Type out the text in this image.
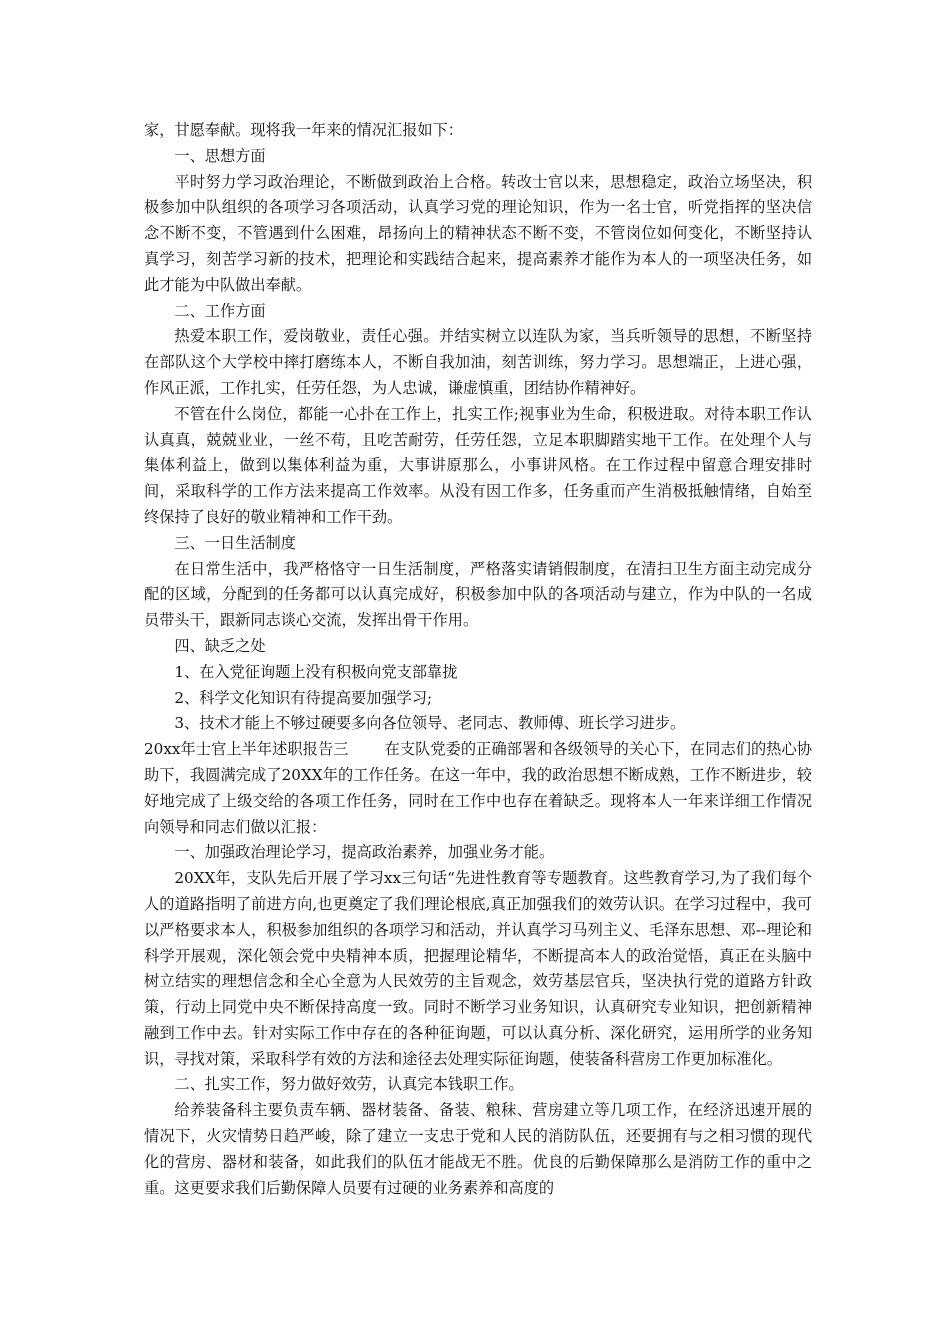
家，甘愿奉献。现将我一年来的情况汇报如下：

一、思想方面

平时努力学习政治理论，不断做到政治上合格。转改士官以来，思想稳定，政治立场坚决，积极参加中队组织的各项学习各项活动，认真学习党的理论知识，作为一名士官，听党指挥的坚决信念不断不变，不管遇到什么困难，昂扬向上的精神状态不断不变，不管岗位如何变化，不断坚持认真学习，刻苦学习新的技术，把理论和实践结合起来，提高素养才能作为本人的一项坚决任务，如此才能为中队做出奉献。

二、工作方面

热爱本职工作，爱岗敬业，责任心强。并结实树立以连队为家，当兵听领导的思想，不断坚持在部队这个大学校中摔打磨练本人，不断自我加油，刻苦训练，努力学习。思想端正，上进心强，作风正派，工作扎实，任劳任怨，为人忠诚，谦虚慎重，团结协作精神好。

不管在什么岗位，都能一心扑在工作上，扎实工作;视事业为生命，积极进取。对待本职工作认认真真，兢兢业业，一丝不苟，且吃苦耐劳，任劳任怨，立足本职脚踏实地干工作。在处理个人与集体利益上，做到以集体利益为重，大事讲原那么，小事讲风格。在工作过程中留意合理安排时间，采取科学的工作方法来提高工作效率。从没有因工作多，任务重而产生消极抵触情绪，自始至终保持了良好的敬业精神和工作干劲。

三、一日生活制度

在日常生活中，我严格恪守一日生活制度，严格落实请销假制度，在清扫卫生方面主动完成分配的区域，分配到的任务都可以认真完成好，积极参加中队的各项活动与建立，作为中队的一名成员带头干，跟新同志谈心交流，发挥出骨干作用。

四、缺乏之处

1、在入党征询题上没有积极向党支部靠拢

2、科学文化知识有待提高要加强学习;

3、技术才能上不够过硬要多向各位领导、老同志、教师傅、班长学习进步。

20xx年士官上半年述职报告三 在支队党委的正确部署和各级领导的关心下，在同志们的热心协助下，我圆满完成了20XX年的工作任务。在这一年中，我的政治思想不断成熟，工作不断进步，较好地完成了上级交给的各项工作任务，同时在工作中也存在着缺乏。现将本人一年来详细工作情况向领导和同志们做以汇报：

一、加强政治理论学习，提高政治素养，加强业务才能。

20XX年，支队先后开展了学习xx三句话“先进性教育等专题教育。这些教育学习,为了我们每个人的道路指明了前进方向,也更奠定了我们理论根底,真正加强我们的效劳认识。在学习过程中，我可以严格要求本人，积极参加组织的各项学习和活动，并认真学习马列主义、毛泽东思想、邓--理论和科学开展观，深化领会党中央精神本质，把握理论精华，不断提高本人的政治觉悟，真正在头脑中树立结实的理想信念和全心全意为人民效劳的主旨观念，效劳基层官兵，坚决执行党的道路方针政策，行动上同党中央不断保持高度一致。同时不断学习业务知识，认真研究专业知识，把创新精神融到工作中去。针对实际工作中存在的各种征询题，可以认真分析、深化研究，运用所学的业务知识，寻找对策，采取科学有效的方法和途径去处理实际征询题，使装备科营房工作更加标准化。

二、扎实工作，努力做好效劳，认真完本钱职工作。

给养装备科主要负责车辆、器材装备、备装、粮秣、营房建立等几项工作，在经济迅速开展的情况下，火灾情势日趋严峻，除了建立一支忠于党和人民的消防队伍，还要拥有与之相习惯的现代化的营房、器材和装备，如此我们的队伍才能战无不胜。优良的后勤保障那么是消防工作的重中之重。这更要求我们后勤保障人员要有过硬的业务素养和高度的
